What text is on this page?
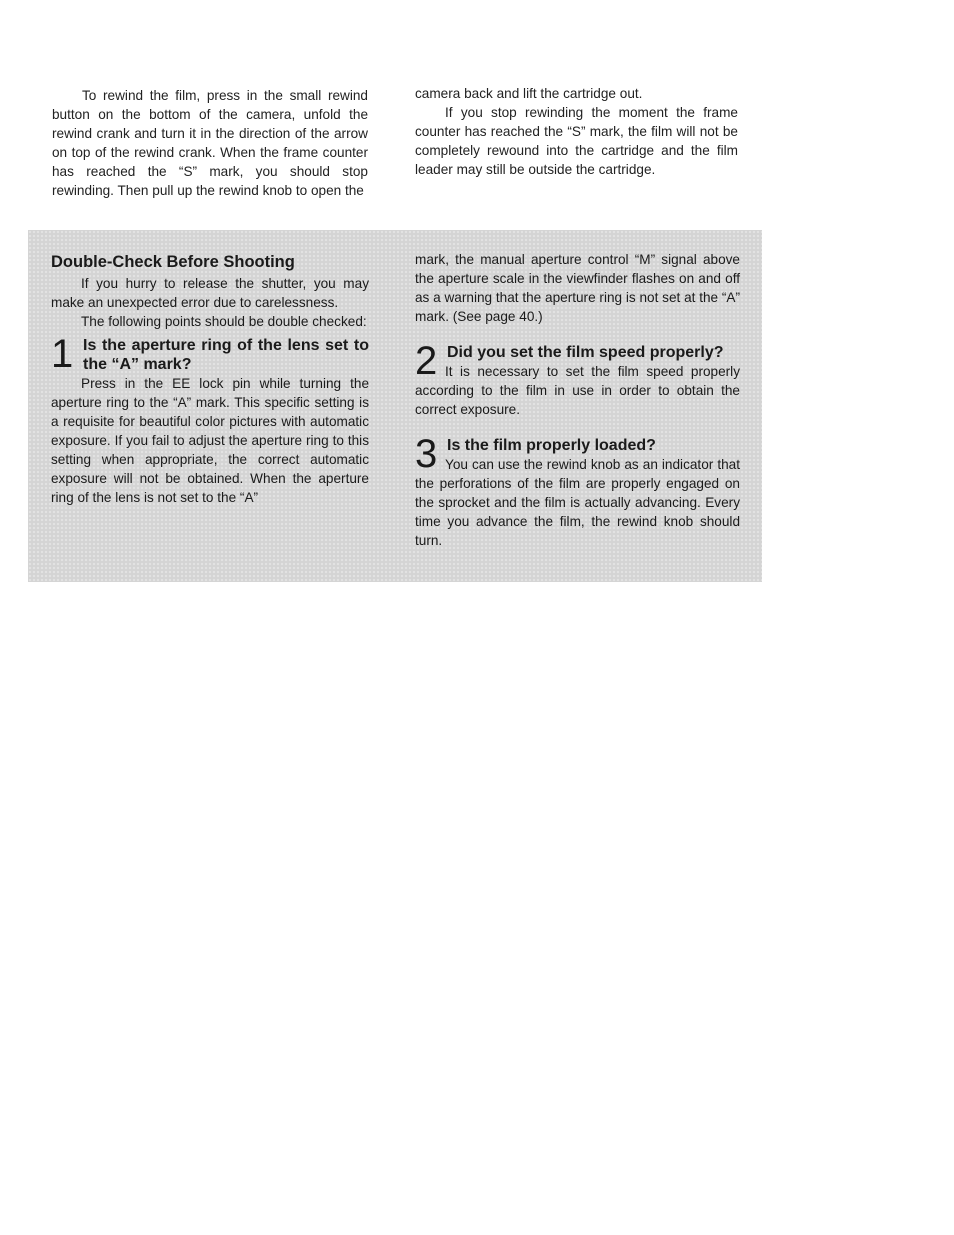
To rewind the film, press in the small rewind button on the bottom of the camera, unfold the rewind crank and turn it in the direction of the arrow on top of the rewind crank. When the frame counter has reached the “S” mark, you should stop rewinding. Then pull up the rewind knob to open the

camera back and lift the cartridge out.

If you stop rewinding the moment the frame counter has reached the “S” mark, the film will not be completely rewound into the cartridge and the film leader may still be outside the cartridge.

Double-Check Before Shooting

If you hurry to release the shutter, you may make an unexpected error due to carelessness.

The following points should be double checked:

1 Is the aperture ring of the lens set to the “A” mark?

Press in the EE lock pin while turning the aperture ring to the “A” mark. This specific setting is a requisite for beautiful color pictures with automatic exposure. If you fail to adjust the aperture ring to this setting when appropriate, the correct automatic exposure will not be obtained. When the aperture ring of the lens is not set to the “A”

mark, the manual aperture control “M” signal above the aperture scale in the viewfinder flashes on and off as a warning that the aperture ring is not set at the “A” mark. (See page 40.)

2 Did you set the film speed properly?

It is necessary to set the film speed properly according to the film in use in order to obtain the correct exposure.

3 Is the film properly loaded?

You can use the rewind knob as an indicator that the perforations of the film are properly engaged on the sprocket and the film is actually advancing. Every time you advance the film, the rewind knob should turn.
